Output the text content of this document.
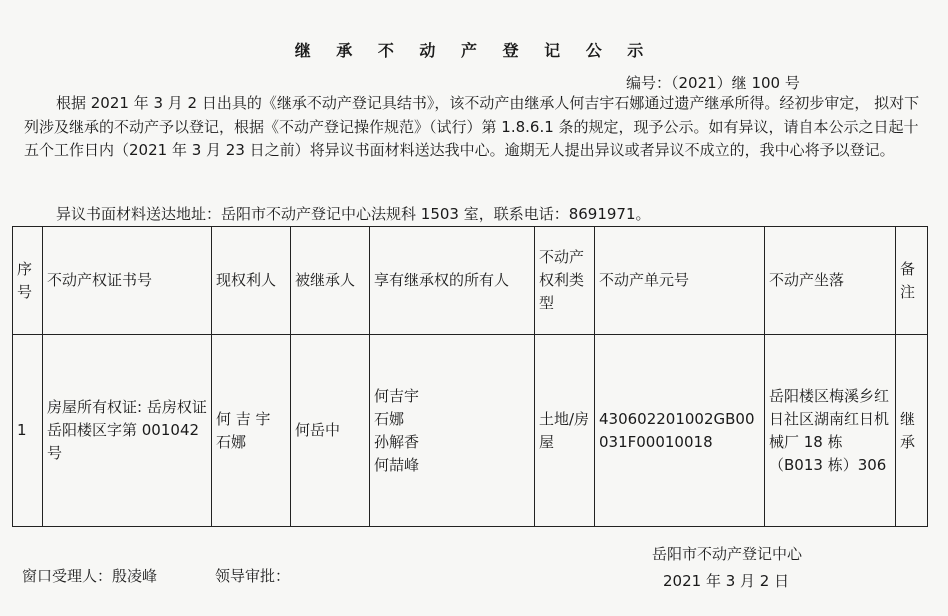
继 承 不 动 产 登 记 公 示
编号：（2021）继 100 号

根据 2021 年 3 月 2 日出具的《继承不动产登记具结书》，该不动产由继承人何吉宇石娜通过遗产继承所得。经初步审定， 拟对下列涉及继承的不动产予以登记，根据《不动产登记操作规范》（试行）第 1.8.6.1 条的规定，现予公示。如有异议，请自本公示之日起十五个工作日内（2021 年 3 月 23 日之前）将异议书面材料送达我中心。逾期无人提出异议或者异议不成立的，我中心将予以登记。

异议书面材料送达地址：岳阳市不动产登记中心法规科 1503 室，联系电话：8691971。
序号	不动产权证书号	现权利人	被继承人	享有继承权的所有人	不动产权利类型	不动产单元号	不动产坐落	备注
1	房屋所有权证: 岳房权证岳阳楼区字第 001042 号	何 吉 宇 石娜	何岳中	何吉宇
石娜
孙解香
何喆峰	土地/房屋	430602201002GB00031F00010018	岳阳楼区梅溪乡红日社区湖南红日机械厂 18 栋（B013 栋）306	继承
岳阳市不动产登记中心
窗口受理人：殷凌峰	领导审批：	2021 年 3 月 2 日
